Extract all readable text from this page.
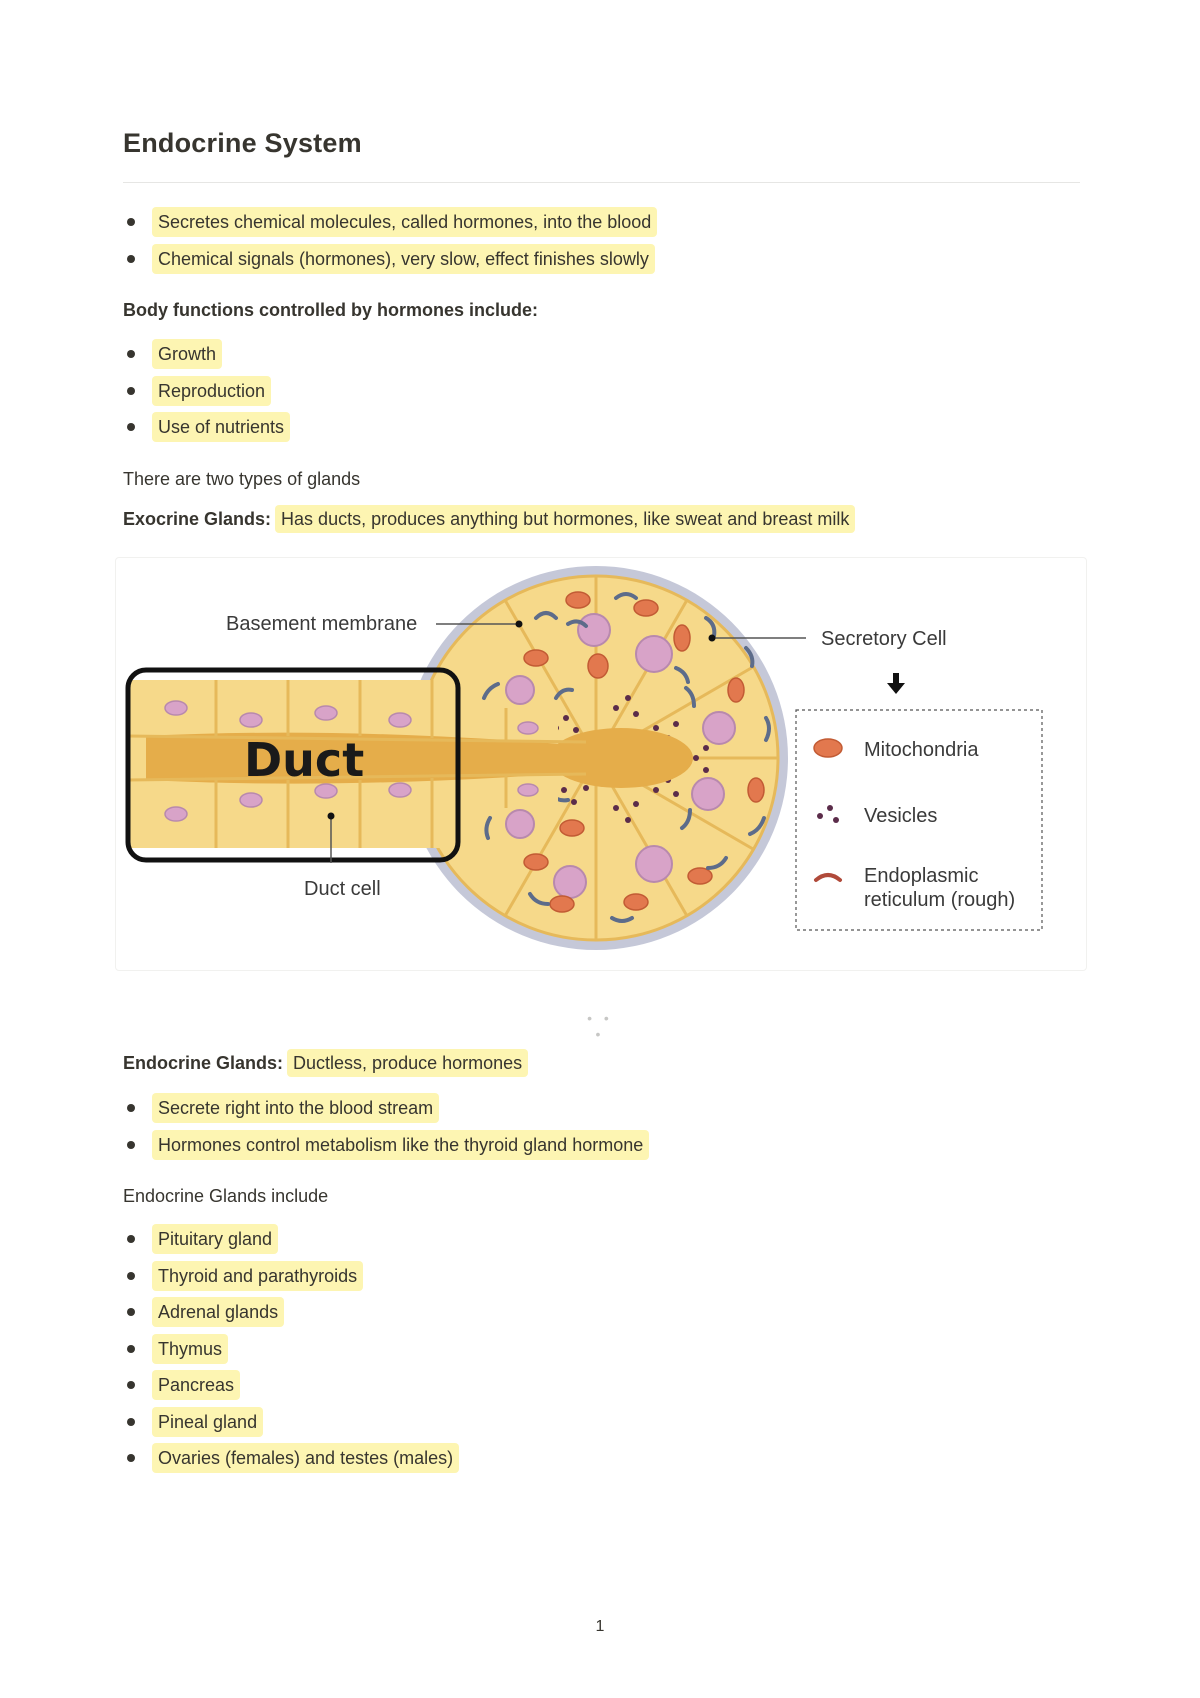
Endocrine System
Secretes chemical molecules, called hormones, into the blood
Chemical signals (hormones), very slow, effect finishes slowly

Body functions controlled by hormones include:

Growth
Reproduction
Use of nutrients

There are two types of glands

Exocrine Glands: Has ducts, produces anything but hormones, like sweat and breast milk

Duct
Basement membrane
Secretory Cell
Duct cell
Mitochondria
Vesicles
Endoplasmic
reticulum (rough)
• • •

Endocrine Glands: Ductless, produce hormones

Secrete right into the blood stream
Hormones control metabolism like the thyroid gland hormone

Endocrine Glands include

Pituitary gland
Thyroid and parathyroids
Adrenal glands
Thymus
Pancreas
Pineal gland
Ovaries (females) and testes (males)
1
